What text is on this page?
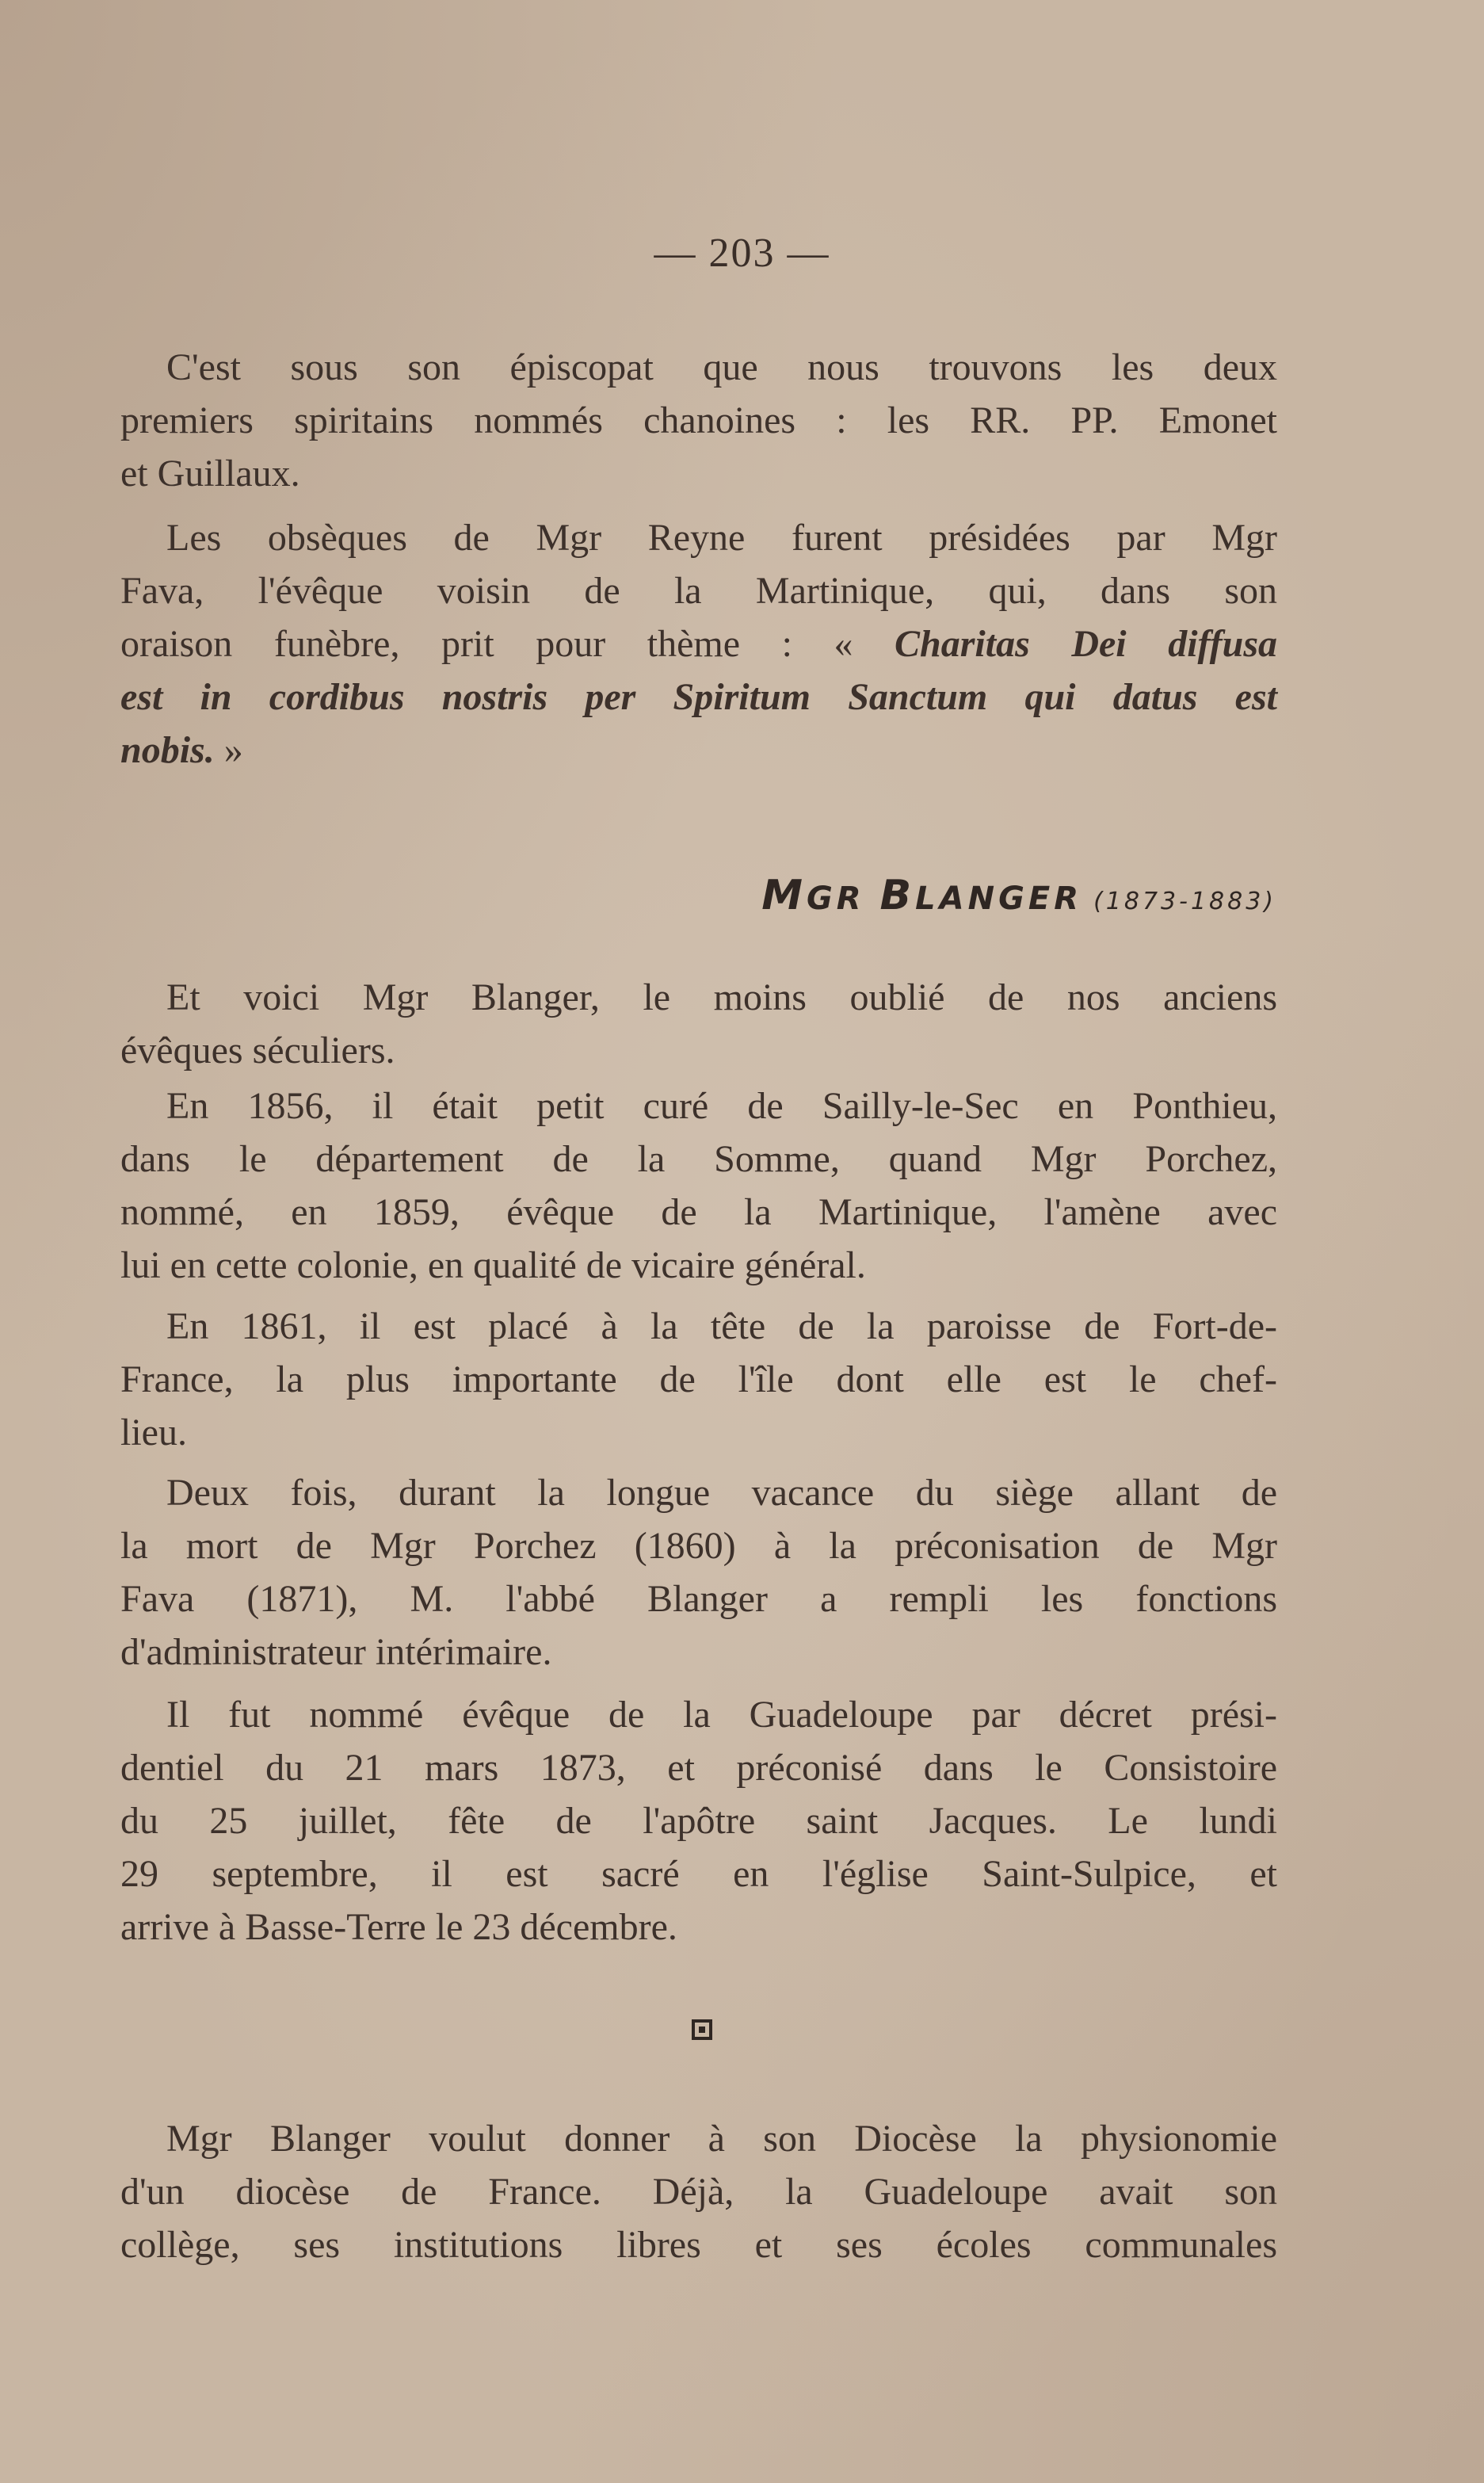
— 203 —
C'est sous son épiscopat que nous trouvons les deux
premiers spiritains nommés chanoines : les RR. PP. Emonet
et Guillaux.
Les obsèques de Mgr Reyne furent présidées par Mgr
Fava, l'évêque voisin de la Martinique, qui, dans son
oraison funèbre, prit pour thème : « Charitas Dei diffusa
est in cordibus nostris per Spiritum Sanctum qui datus est
nobis. »
MGR BLANGER (1873-1883)
Et voici Mgr Blanger, le moins oublié de nos anciens
évêques séculiers.
En 1856, il était petit curé de Sailly-le-Sec en Ponthieu,
dans le département de la Somme, quand Mgr Porchez,
nommé, en 1859, évêque de la Martinique, l'amène avec
lui en cette colonie, en qualité de vicaire général.
En 1861, il est placé à la tête de la paroisse de Fort-de-
France, la plus importante de l'île dont elle est le chef-
lieu.
Deux fois, durant la longue vacance du siège allant de
la mort de Mgr Porchez (1860) à la préconisation de Mgr
Fava (1871), M. l'abbé Blanger a rempli les fonctions
d'administrateur intérimaire.
Il fut nommé évêque de la Guadeloupe par décret prési-
dentiel du 21 mars 1873, et préconisé dans le Consistoire
du 25 juillet, fête de l'apôtre saint Jacques. Le lundi
29 septembre, il est sacré en l'église Saint-Sulpice, et
arrive à Basse-Terre le 23 décembre.
Mgr Blanger voulut donner à son Diocèse la physionomie
d'un diocèse de France. Déjà, la Guadeloupe avait son
collège, ses institutions libres et ses écoles communales
